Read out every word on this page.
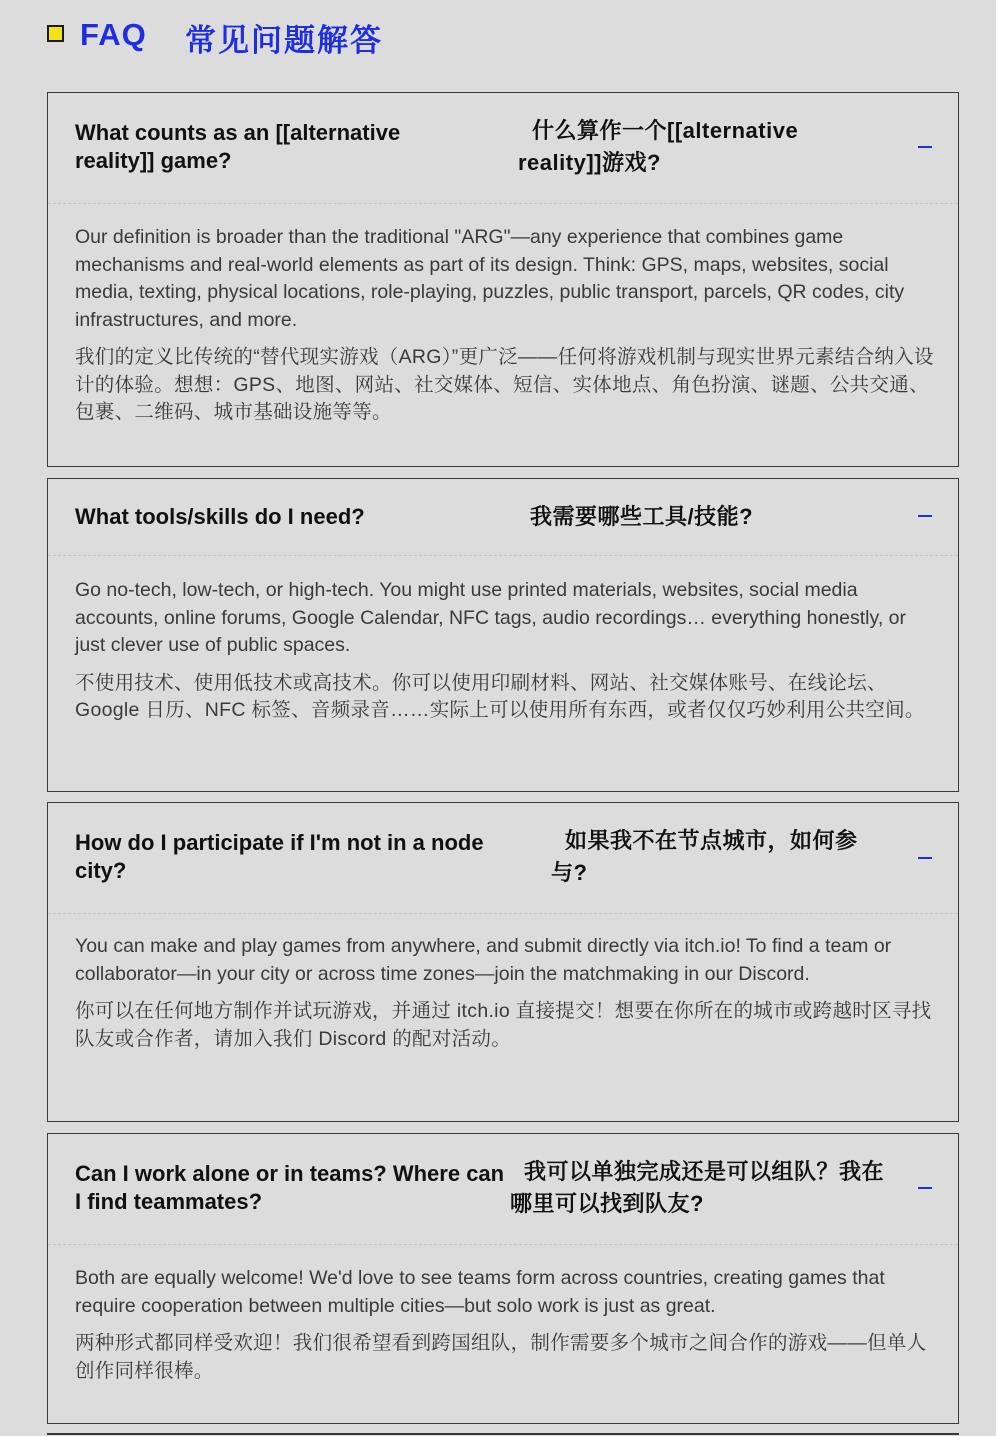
FAQ 常见问题解答
What counts as an [[alternative reality]] game?
什么算作一个[[alternative reality]]游戏?

Our definition is broader than the traditional "ARG"—any experience that combines game mechanisms and real-world elements as part of its design. Think: GPS, maps, websites, social media, texting, physical locations, role-playing, puzzles, public transport, parcels, QR codes, city infrastructures, and more.

我们的定义比传统的“替代现实游戏（ARG）”更广泛——任何将游戏机制与现实世界元素结合纳入设计的体验。想想：GPS、地图、网站、社交媒体、短信、实体地点、角色扮演、谜题、公共交通、包裹、二维码、城市基础设施等等。

What tools/skills do I need?	我需要哪些工具/技能?

Go no-tech, low-tech, or high-tech. You might use printed materials, websites, social media accounts, online forums, Google Calendar, NFC tags, audio recordings… everything honestly, or just clever use of public spaces.

不使用技术、使用低技术或高技术。你可以使用印刷材料、网站、社交媒体账号、在线论坛、Google 日历、NFC 标签、音频录音……实际上可以使用所有东西，或者仅仅巧妙利用公共空间。

How do I participate if I'm not in a node city?
如果我不在节点城市，如何参与?

You can make and play games from anywhere, and submit directly via itch.io! To find a team or collaborator—in your city or across time zones—join the matchmaking in our Discord.

你可以在任何地方制作并试玩游戏，并通过 itch.io 直接提交！想要在你所在的城市或跨越时区寻找队友或合作者，请加入我们 Discord 的配对活动。

Can I work alone or in teams? Where can I find teammates?
我可以单独完成还是可以组队？我在哪里可以找到队友?

Both are equally welcome! We'd love to see teams form across countries, creating games that require cooperation between multiple cities—but solo work is just as great.

两种形式都同样受欢迎！我们很希望看到跨国组队，制作需要多个城市之间合作的游戏——但单人创作同样很棒。
